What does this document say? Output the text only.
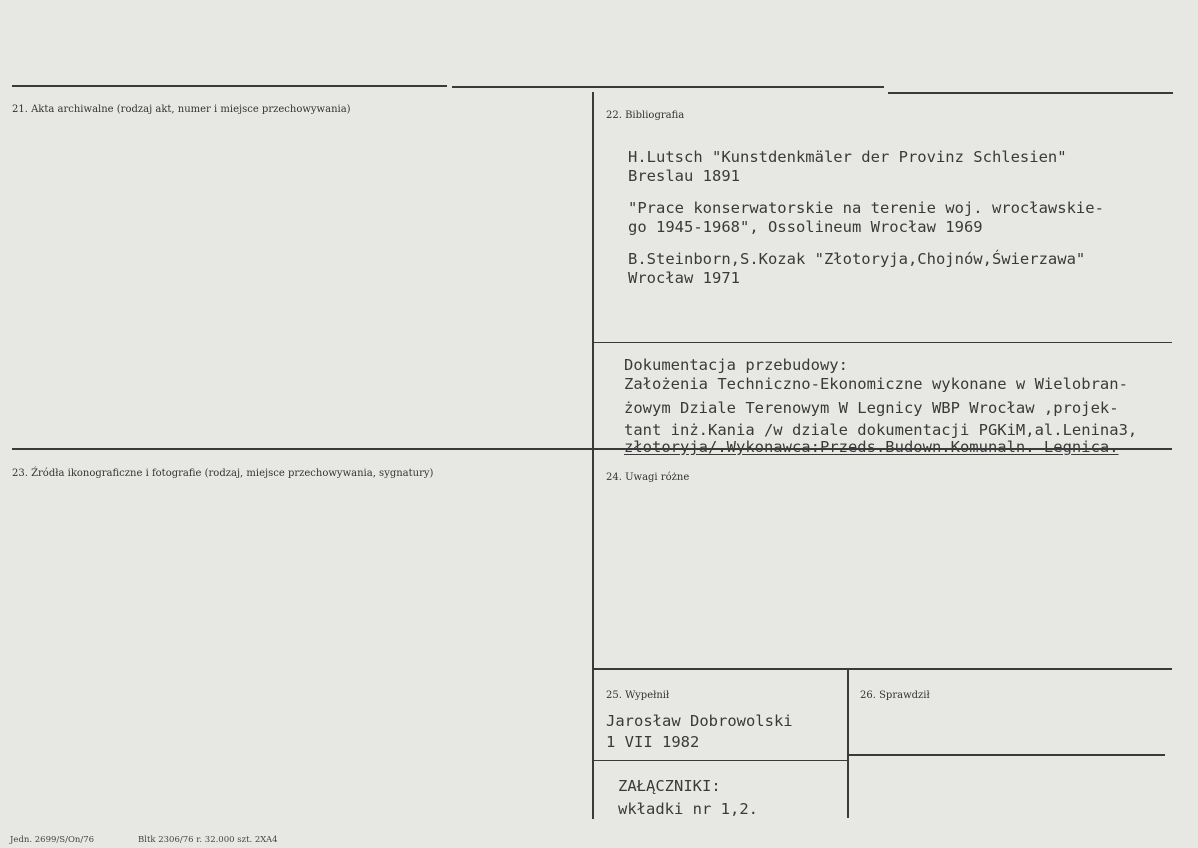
21. Akta archiwalne (rodzaj akt, numer i miejsce przechowywania)
22. Bibliografia
23. Źródła ikonograficzne i fotografie (rodzaj, miejsce przechowywania, sygnatury)	24. Uwagi różne
25. Wypełnił	26. Sprawdził
H.Lutsch "Kunstdenkmäler der Provinz Schlesien"
Breslau 1891
"Prace konserwatorskie na terenie woj. wrocławskie-
go 1945-1968", Ossolineum Wrocław 1969
B.Steinborn,S.Kozak "Złotoryja,Chojnów,Świerzawa"
Wrocław 1971
Dokumentacja przebudowy:
Założenia Techniczno-Ekonomiczne wykonane w Wielobran-
żowym Dziale Terenowym W Legnicy WBP Wrocław ,projek-
tant inż.Kania /w dziale dokumentacji PGKiM,al.Lenina3,
złotoryja/.Wykonawca:Przeds.Budown.Komunaln. Legnica.
Jarosław Dobrowolski
1 VII 1982
ZAŁĄCZNIKI:
wkładki nr 1,2.
Jedn. 2699/S/On/76	Bltk 2306/76 r. 32.000 szt. 2XA4
